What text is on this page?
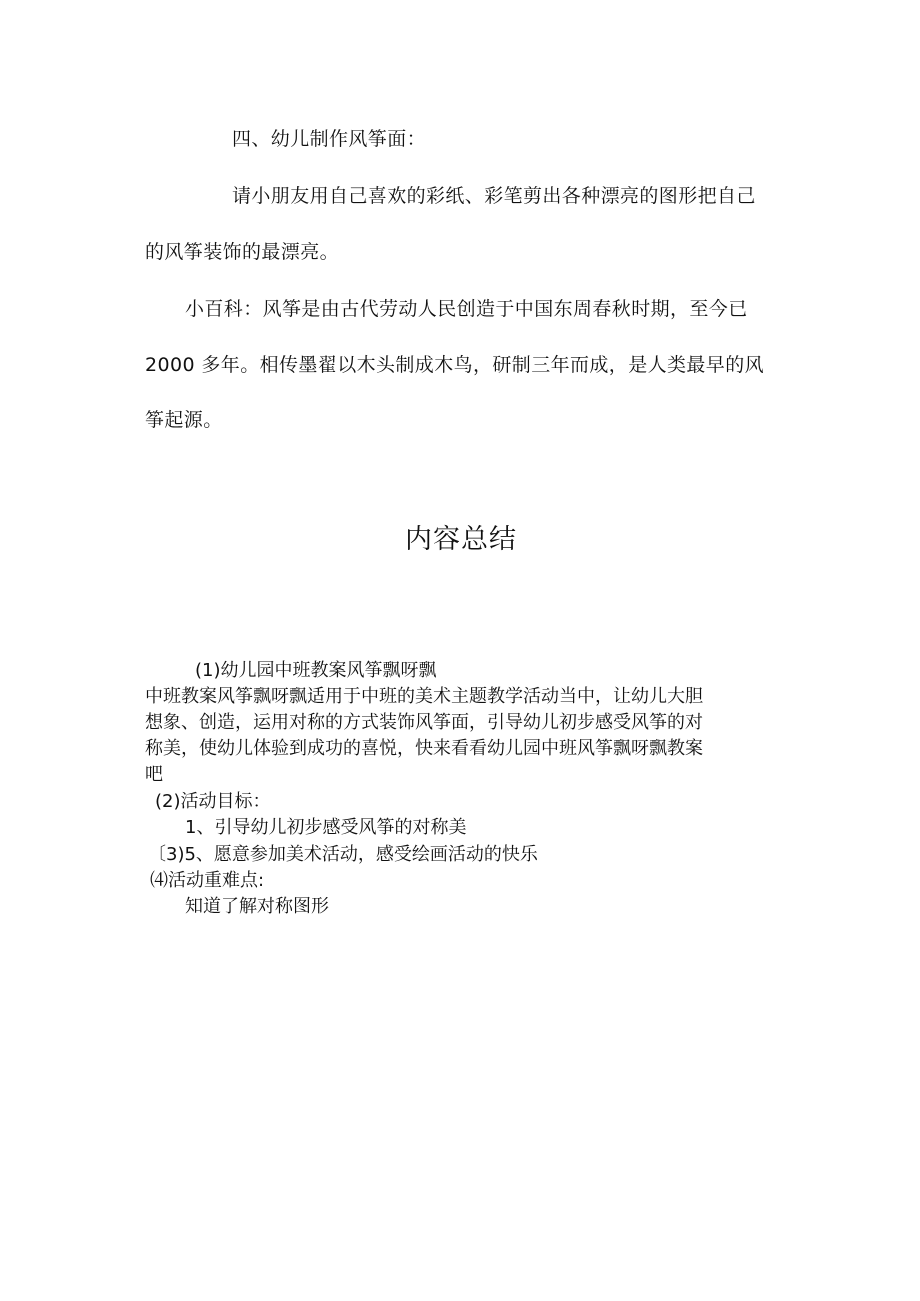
四、幼儿制作风筝面：
请小朋友用自己喜欢的彩纸、彩笔剪出各种漂亮的图形把自己
的风筝装饰的最漂亮。
小百科：风筝是由古代劳动人民创造于中国东周春秋时期，至今已
2000 多年。相传墨翟以木头制成木鸟，研制三年而成，是人类最早的风
筝起源。
内容总结
(1)幼儿园中班教案风筝飘呀飘
中班教案风筝飘呀飘适用于中班的美术主题教学活动当中，让幼儿大胆
想象、创造，运用对称的方式装饰风筝面，引导幼儿初步感受风筝的对
称美，使幼儿体验到成功的喜悦，快来看看幼儿园中班风筝飘呀飘教案
吧
(2)活动目标：
1、引导幼儿初步感受风筝的对称美
〔3)5、愿意参加美术活动，感受绘画活动的快乐
⑷活动重难点:
知道了解对称图形
